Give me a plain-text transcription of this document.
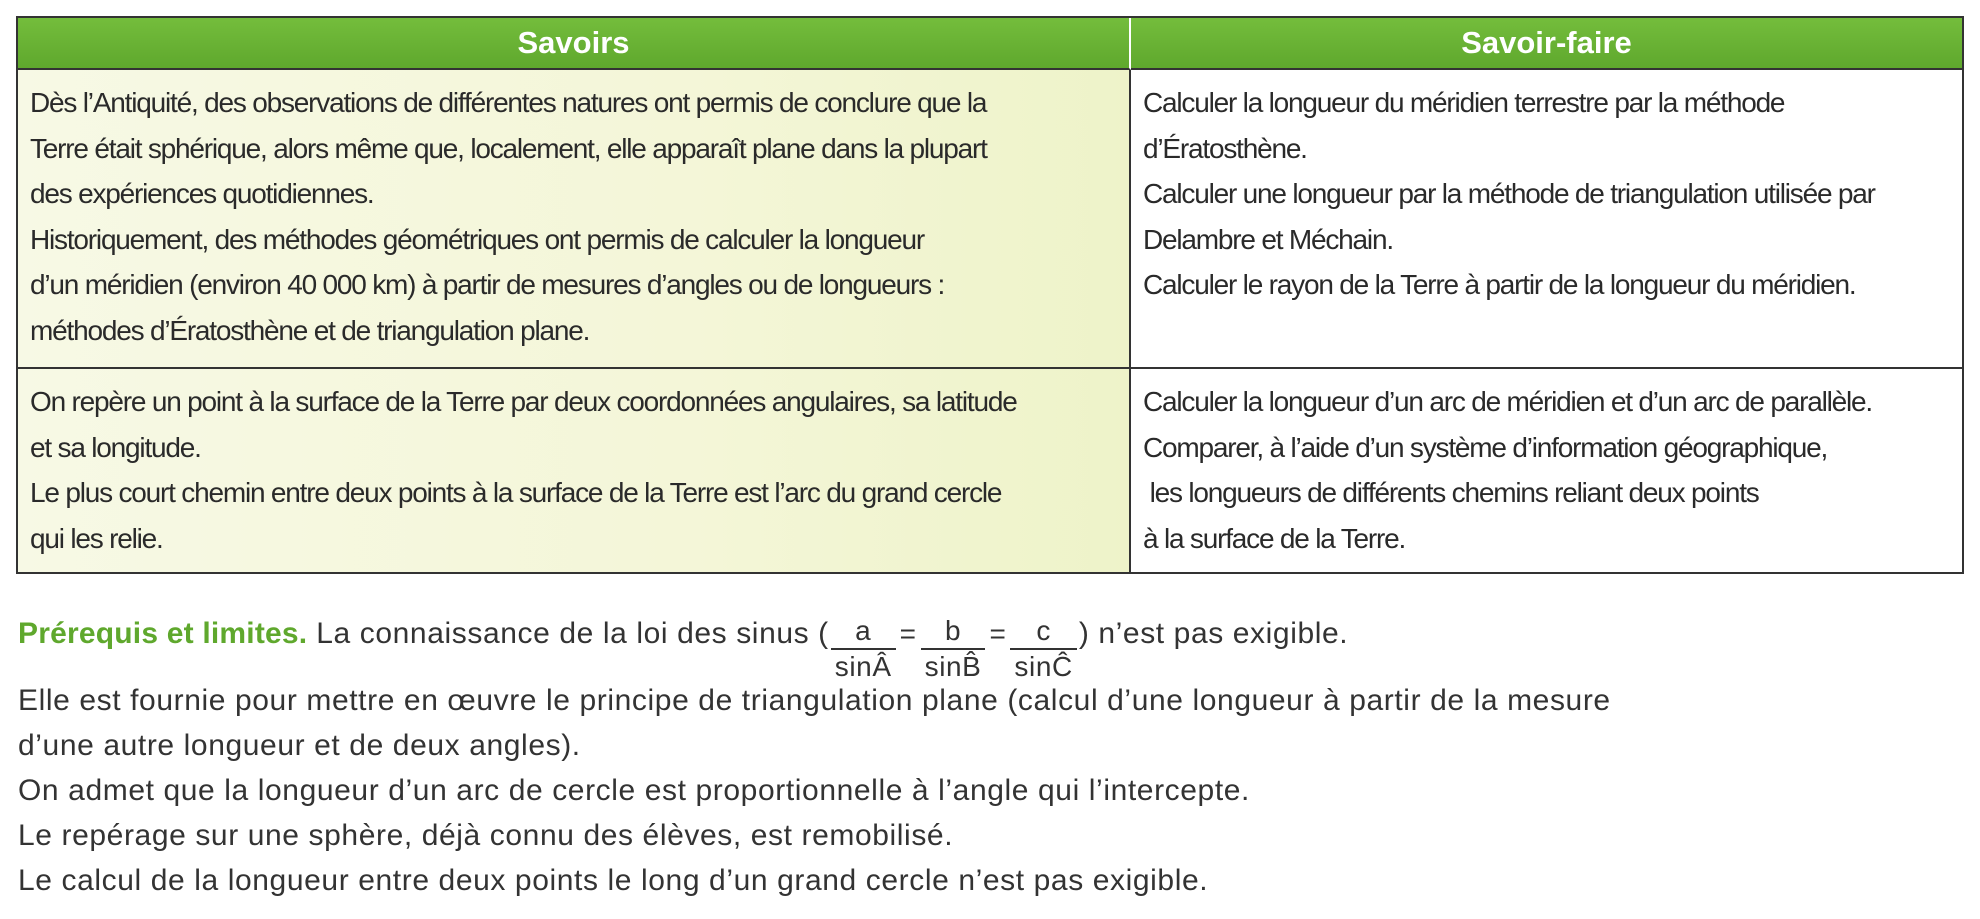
Savoirs	Savoir-faire
Dès l’Antiquité, des observations de différentes natures ont permis de conclure que la
Terre était sphérique, alors même que, localement, elle apparaît plane dans la plupart
des expériences quotidiennes.
Historiquement, des méthodes géométriques ont permis de calculer la longueur
d’un méridien (environ 40 000 km) à partir de mesures d’angles ou de longueurs :
méthodes d’Ératosthène et de triangulation plane.
Calculer la longueur du méridien terrestre par la méthode
d’Ératosthène.
Calculer une longueur par la méthode de triangulation utilisée par
Delambre et Méchain.
Calculer le rayon de la Terre à partir de la longueur du méridien.
On repère un point à la surface de la Terre par deux coordonnées angulaires, sa latitude
et sa longitude.
Le plus court chemin entre deux points à la surface de la Terre est l’arc du grand cercle
qui les relie.
Calculer la longueur d’un arc de méridien et d’un arc de parallèle.
Comparer, à l’aide d’un système d’information géographique,
les longueurs de différents chemins reliant deux points
à la surface de la Terre.
Prérequis et limites. La connaissance de la loi des sinus ( $\frac{a}{\sin Â} = \frac{b}{\sin B̂} = \frac{c}{\sin Ĉ}$ ) n’est pas exigible.
Elle est fournie pour mettre en œuvre le principe de triangulation plane (calcul d’une longueur à partir de la mesure
d’une autre longueur et de deux angles).
On admet que la longueur d’un arc de cercle est proportionnelle à l’angle qui l’intercepte.
Le repérage sur une sphère, déjà connu des élèves, est remobilisé.
Le calcul de la longueur entre deux points le long d’un grand cercle n’est pas exigible.
